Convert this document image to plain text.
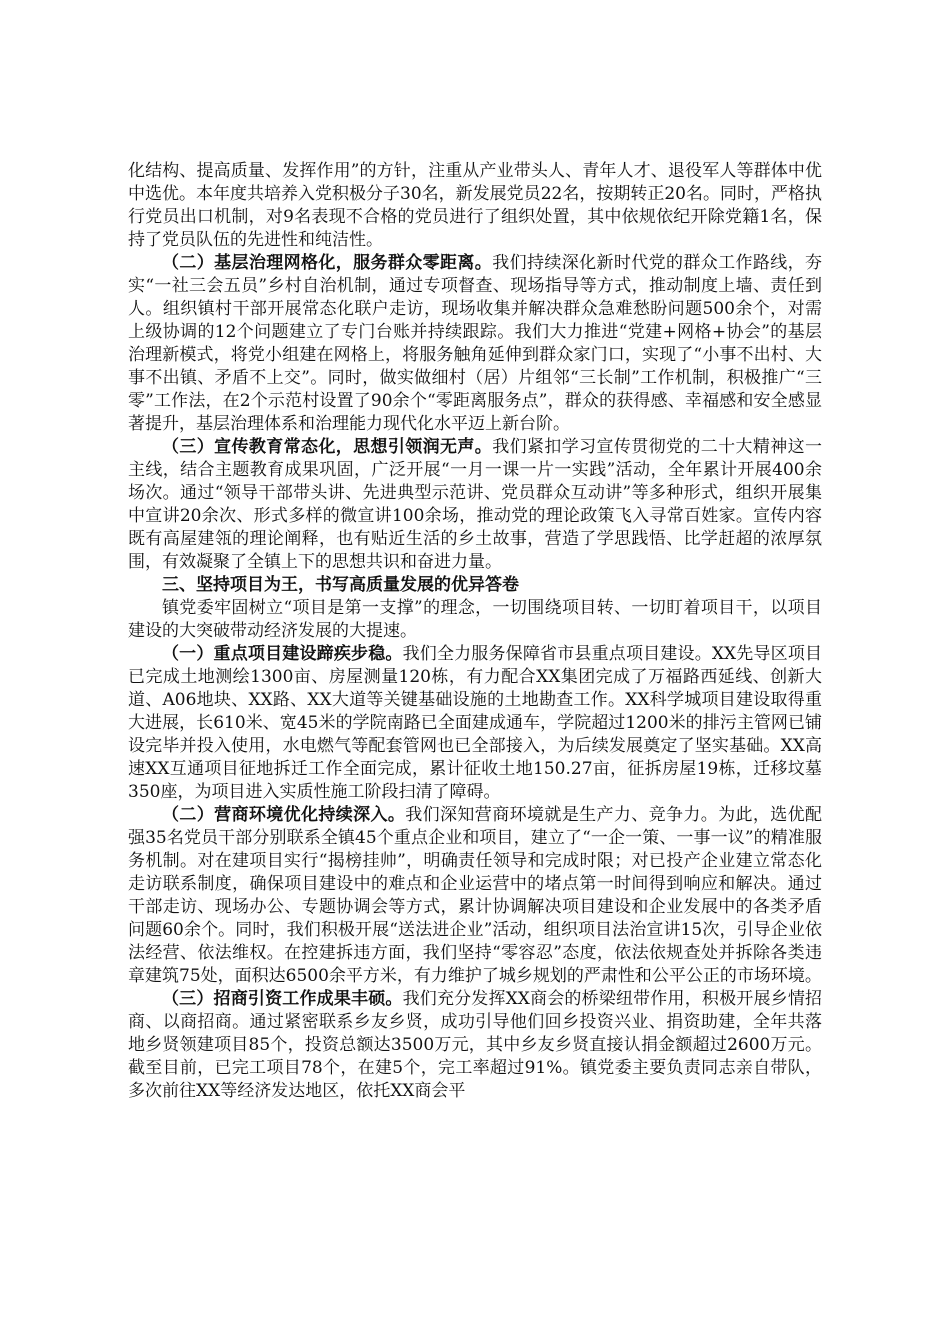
化结构、提高质量、发挥作用”的方针，注重从产业带头人、青年人才、退役军人等群体中优中选优。本年度共培养入党积极分子30名，新发展党员22名，按期转正20名。同时，严格执行党员出口机制，对9名表现不合格的党员进行了组织处置，其中依规依纪开除党籍1名，保持了党员队伍的先进性和纯洁性。

（二）基层治理网格化，服务群众零距离。我们持续深化新时代党的群众工作路线，夯实“一社三会五员”乡村自治机制，通过专项督查、现场指导等方式，推动制度上墙、责任到人。组织镇村干部开展常态化联户走访，现场收集并解决群众急难愁盼问题500余个，对需上级协调的12个问题建立了专门台账并持续跟踪。我们大力推进“党建+网格+协会”的基层治理新模式，将党小组建在网格上，将服务触角延伸到群众家门口，实现了“小事不出村、大事不出镇、矛盾不上交”。同时，做实做细村（居）片组邻“三长制”工作机制，积极推广“三零”工作法，在2个示范村设置了90余个“零距离服务点”，群众的获得感、幸福感和安全感显著提升，基层治理体系和治理能力现代化水平迈上新台阶。

（三）宣传教育常态化，思想引领润无声。我们紧扣学习宣传贯彻党的二十大精神这一主线，结合主题教育成果巩固，广泛开展“一月一课一片一实践”活动，全年累计开展400余场次。通过“领导干部带头讲、先进典型示范讲、党员群众互动讲”等多种形式，组织开展集中宣讲20余次、形式多样的微宣讲100余场，推动党的理论政策飞入寻常百姓家。宣传内容既有高屋建瓴的理论阐释，也有贴近生活的乡土故事，营造了学思践悟、比学赶超的浓厚氛围，有效凝聚了全镇上下的思想共识和奋进力量。

三、坚持项目为王，书写高质量发展的优异答卷

镇党委牢固树立“项目是第一支撑”的理念，一切围绕项目转、一切盯着项目干，以项目建设的大突破带动经济发展的大提速。

（一）重点项目建设蹄疾步稳。我们全力服务保障省市县重点项目建设。XX先导区项目已完成土地测绘1300亩、房屋测量120栋，有力配合XX集团完成了万福路西延线、创新大道、A06地块、XX路、XX大道等关键基础设施的土地勘查工作。XX科学城项目建设取得重大进展，长610米、宽45米的学院南路已全面建成通车，学院超过1200米的排污主管网已铺设完毕并投入使用，水电燃气等配套管网也已全部接入，为后续发展奠定了坚实基础。XX高速XX互通项目征地拆迁工作全面完成，累计征收土地150.27亩，征拆房屋19栋，迁移坟墓350座，为项目进入实质性施工阶段扫清了障碍。

（二）营商环境优化持续深入。我们深知营商环境就是生产力、竞争力。为此，选优配强35名党员干部分别联系全镇45个重点企业和项目，建立了“一企一策、一事一议”的精准服务机制。对在建项目实行“揭榜挂帅”，明确责任领导和完成时限；对已投产企业建立常态化走访联系制度，确保项目建设中的难点和企业运营中的堵点第一时间得到响应和解决。通过干部走访、现场办公、专题协调会等方式，累计协调解决项目建设和企业发展中的各类矛盾问题60余个。同时，我们积极开展“送法进企业”活动，组织项目法治宣讲15次，引导企业依法经营、依法维权。在控建拆违方面，我们坚持“零容忍”态度，依法依规查处并拆除各类违章建筑75处，面积达6500余平方米，有力维护了城乡规划的严肃性和公平公正的市场环境。

（三）招商引资工作成果丰硕。我们充分发挥XX商会的桥梁纽带作用，积极开展乡情招商、以商招商。通过紧密联系乡友乡贤，成功引导他们回乡投资兴业、捐资助建，全年共落地乡贤领建项目85个，投资总额达3500万元，其中乡友乡贤直接认捐金额超过2600万元。截至目前，已完工项目78个，在建5个，完工率超过91%。镇党委主要负责同志亲自带队，多次前往XX等经济发达地区，依托XX商会平
